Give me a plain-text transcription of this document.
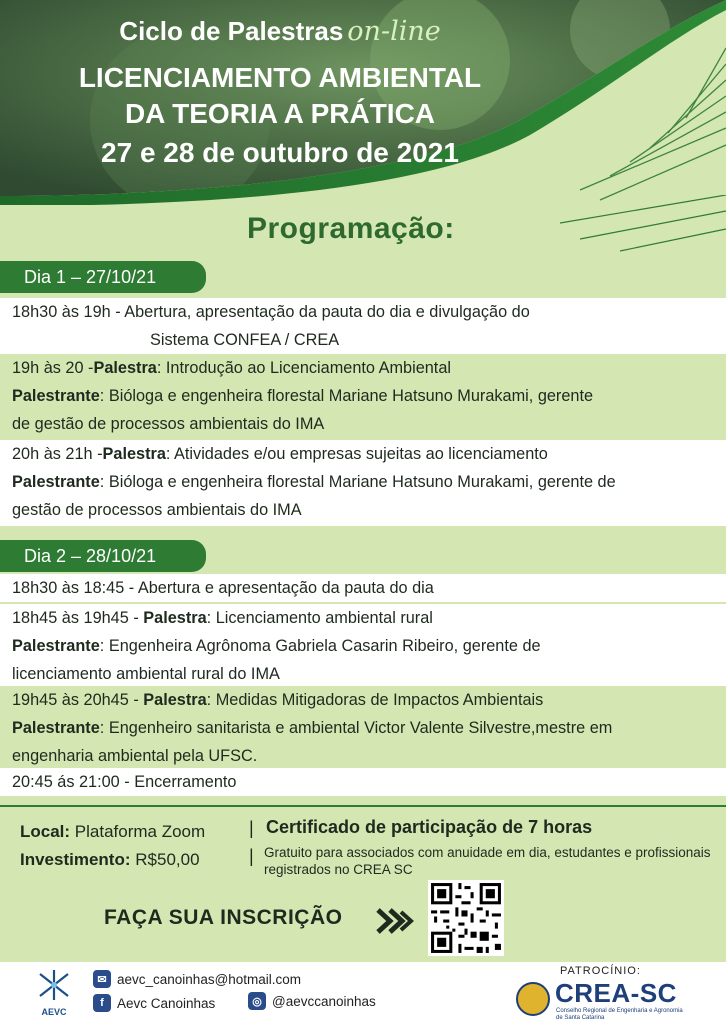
Ciclo de Palestras on-line
LICENCIAMENTO AMBIENTAL
DA TEORIA A PRÁTICA
27 e 28 de outubro de 2021
Programação:
Dia 1 – 27/10/21
18h30 às 19h - Abertura, apresentação da pauta do dia e divulgação do
Sistema CONFEA / CREA
19h às 20 -Palestra: Introdução ao Licenciamento Ambiental
Palestrante: Bióloga e engenheira florestal Mariane Hatsuno Murakami, gerente
de gestão de processos ambientais do IMA
20h às 21h -Palestra: Atividades e/ou empresas sujeitas ao licenciamento
Palestrante: Bióloga e engenheira florestal Mariane Hatsuno Murakami, gerente de
gestão de processos ambientais do IMA
Dia 2 – 28/10/21
18h30 às 18:45 - Abertura e apresentação da pauta do dia
18h45 às 19h45 - Palestra: Licenciamento ambiental rural
Palestrante: Engenheira Agrônoma Gabriela Casarin Ribeiro, gerente de
licenciamento ambiental rural do IMA
19h45 às 20h45 - Palestra: Medidas Mitigadoras de Impactos Ambientais
Palestrante: Engenheiro sanitarista e ambiental Victor Valente Silvestre,mestre em
engenharia ambiental pela UFSC.
20:45 ás 21:00 - Encerramento
Local: Plataforma Zoom
Investimento: R$50,00
|
|
Certificado de participação de 7 horas
Gratuito para associados com anuidade em dia, estudantes e profissionais registrados no CREA SC
FAÇA SUA INSCRIÇÃO
AEVC
✉ aevc_canoinhas@hotmail.com
f Aevc Canoinhas	◎ @aevccanoinhas
PATROCÍNIO:
CREA-SC
Conselho Regional de Engenharia e Agronomia de Santa Catarina
